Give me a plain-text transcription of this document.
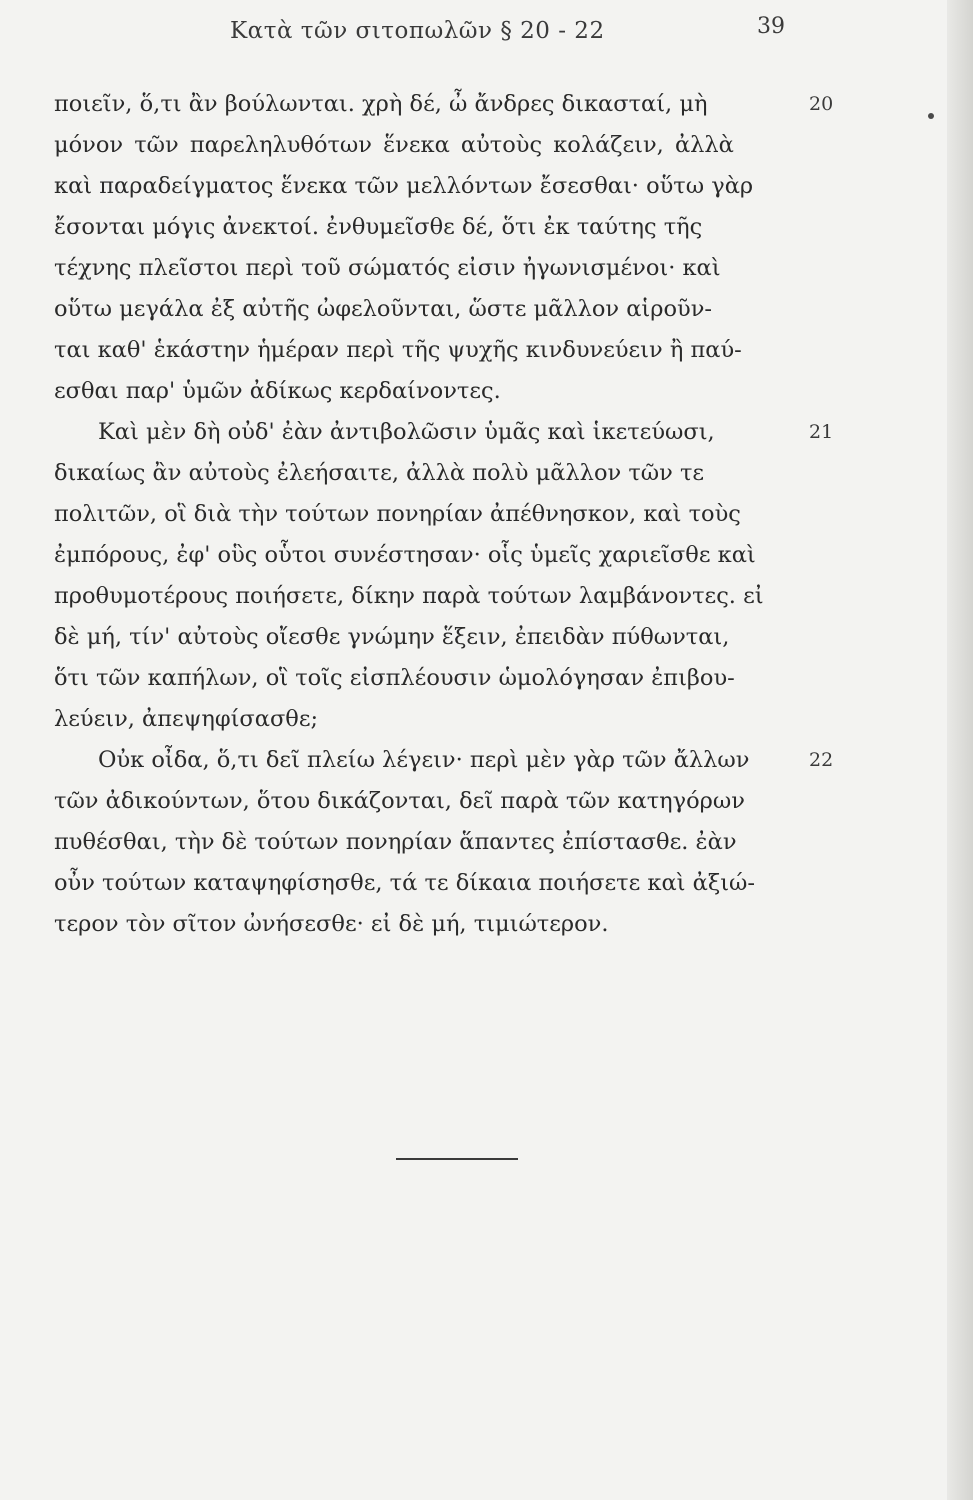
Κατὰ τῶν σιτοπωλῶν § 20 - 22	39
ποιεῖν, ὅ,τι ἂν βούλωνται. χρὴ δέ, ὦ ἄνδρες δικασταί, μὴ	20
μόνον τῶν παρεληλυθότων ἕνεκα αὐτοὺς κολάζειν, ἀλλὰ
καὶ παραδείγματος ἕνεκα τῶν μελλόντων ἔσεσθαι· οὕτω γὰρ
ἔσονται μόγις ἀνεκτοί. ἐνθυμεῖσθε δέ, ὅτι ἐκ ταύτης τῆς
τέχνης πλεῖστοι περὶ τοῦ σώματός εἰσιν ἠγωνισμένοι· καὶ
οὕτω μεγάλα ἐξ αὐτῆς ὠφελοῦνται, ὥστε μᾶλλον αἱροῦν-
ται καθ' ἑκάστην ἡμέραν περὶ τῆς ψυχῆς κινδυνεύειν ἢ παύ-
εσθαι παρ' ὑμῶν ἀδίκως κερδαίνοντες.
Καὶ μὲν δὴ οὐδ' ἐὰν ἀντιβολῶσιν ὑμᾶς καὶ ἱκετεύωσι,	21
δικαίως ἂν αὐτοὺς ἐλεήσαιτε, ἀλλὰ πολὺ μᾶλλον τῶν τε
πολιτῶν, οἳ διὰ τὴν τούτων πονηρίαν ἀπέθνησκον, καὶ τοὺς
ἐμπόρους, ἐφ' οὓς οὗτοι συνέστησαν· οἷς ὑμεῖς χαριεῖσθε καὶ
προθυμοτέρους ποιήσετε, δίκην παρὰ τούτων λαμβάνοντες. εἰ
δὲ μή, τίν' αὐτοὺς οἴεσθε γνώμην ἕξειν, ἐπειδὰν πύθωνται,
ὅτι τῶν καπήλων, οἳ τοῖς εἰσπλέουσιν ὡμολόγησαν ἐπιβου-
λεύειν, ἀπεψηφίσασθε;
Οὐκ οἶδα, ὅ,τι δεῖ πλείω λέγειν· περὶ μὲν γὰρ τῶν ἄλλων	22
τῶν ἀδικούντων, ὅτου δικάζονται, δεῖ παρὰ τῶν κατηγόρων
πυθέσθαι, τὴν δὲ τούτων πονηρίαν ἅπαντες ἐπίστασθε. ἐὰν
οὖν τούτων καταψηφίσησθε, τά τε δίκαια ποιήσετε καὶ ἀξιώ-
τερον τὸν σῖτον ὠνήσεσθε· εἰ δὲ μή, τιμιώτερον.
